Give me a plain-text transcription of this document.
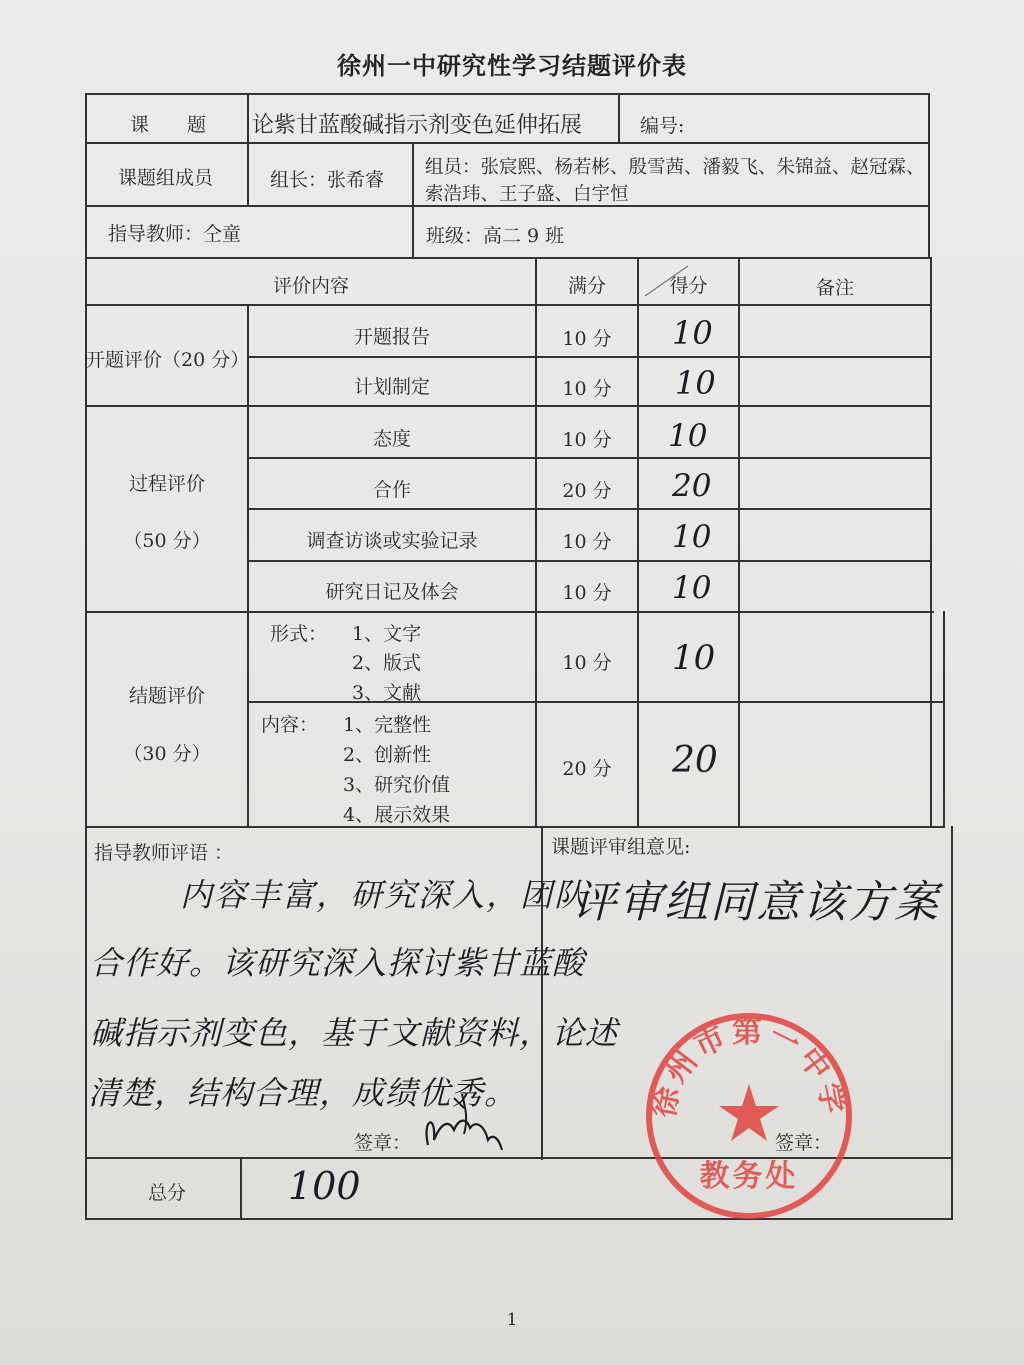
徐州一中研究性学习结题评价表
课　　题 论紫甘蓝酸碱指示剂变色延伸拓展	编号:
课题组成员	组长：张希睿
组员：张宸熙、杨若彬、殷雪茜、潘毅飞、朱锦益、赵冠霖、
索浩玮、王子盛、白宇恒
指导教师：仝童	班级：高二 9 班
评价内容	满分	得分	备注
开题评价（20 分）
开题报告	10 分	10
计划制定	10 分	10
过程评价
（50 分）
态度	10 分	10
合作	20 分	20
调查访谈或实验记录	10 分	10
研究日记及体会	10 分	10
结题评价
（30 分）
形式： 1、文字
2、版式
3、文献
10 分	10
内容： 1、完整性
2、创新性
3、研究价值
4、展示效果
20 分	20
指导教师评语 ：
内容丰富，研究深入，团队
合作好。该研究深入探讨紫甘蓝酸
碱指示剂变色，基于文献资料，论述
清楚，结构合理，成绩优秀。
签章：
课题评审组意见:
评审组同意该方案
徐州市第一中学
教务处
签章：
总分	100
1
